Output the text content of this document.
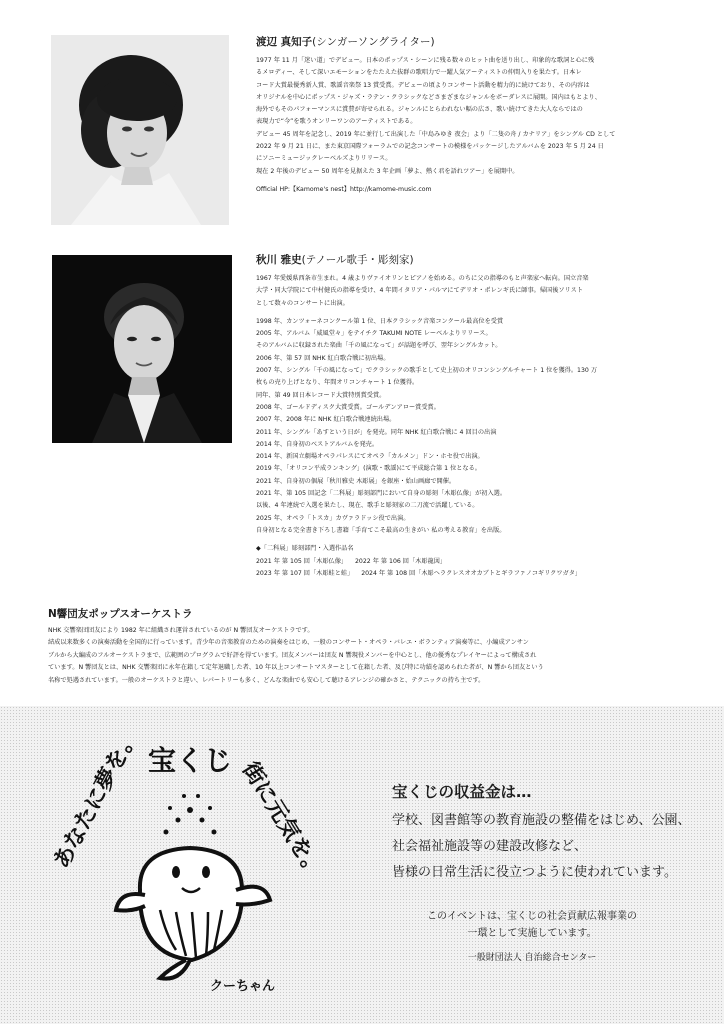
渡辺 真知子(シンガーソングライター)

1977 年 11 月「迷い道」でデビュー。日本のポップス・シーンに残る数々のヒット曲を送り出し、印象的な歌詞と心に残

るメロディー、そして深いエモーションをたたえた抜群の歌唱力で一躍人気アーティストの仲間入りを果たす。日本レ

コード大賞最優秀新人賞、歌謡音楽祭 13 賞受賞。デビューの頃よりコンサート活動を精力的に続けており、その内容は

オリジナルを中心にポップス・ジャズ・ラテン・クラシックなどさまざまなジャンルをボーダレスに展開。国内はもとより、

海外でもそのパフォーマンスに賞賛が寄せられる。ジャンルにとらわれない幅の広さ、歌い続けてきた大人ならではの

表現力で“今”を歌うオンリーワンのアーティストである。

デビュー 45 周年を記念し、2019 年に並行して出演した「中島みゆき 夜会」より「二隻の舟 / カナリア」をシングル CD として

2022 年 9 月 21 日に、また東京国際フォーラムでの記念コンサートの模様をパッケージしたアルバムを 2023 年 5 月 24 日

にソニーミュージックレーベルズよりリリース。

現在 2 年後のデビュー 50 周年を見据えた 3 年企画「夢よ、熱く君を語れツアー」を展開中。

Official HP:【Kamome's nest】http://kamome-music.com

秋川 雅史(テノール歌手・彫刻家)

1967 年愛媛県西条市生まれ。4 歳よりヴァイオリンとピアノを始める。のちに父の指導のもと声楽家へ転向。国立音楽

大学・同大学院にて中村健氏の指導を受け、4 年間イタリア・パルマにてデリオ・ポレンギ氏に師事。帰国後ソリスト

として数々のコンサートに出演。

1998 年、カンツォーネコンクール第 1 位、日本クラシック音楽コンクール最高位を受賞

2005 年、アルバム「威風堂々」をテイチク TAKUMI NOTE レーベルよりリリース。

そのアルバムに収録された楽曲「千の風になって」が話題を呼び、翌年シングルカット。

2006 年、第 57 回 NHK 紅白歌合戦に初出場。

2007 年、シングル「千の風になって」でクラシックの歌手として史上初のオリコンシングルチャート 1 位を獲得。130 万

枚もの売り上げとなり、年間オリコンチャート 1 位獲得。

同年、第 49 回日本レコード大賞特別賞受賞。

2008 年、ゴールドディスク大賞受賞。ゴールデンアロー賞受賞。

2007 年、2008 年に NHK 紅白歌合戦連続出場。

2011 年、シングル「あすという日が」を発売。同年 NHK 紅白歌合戦に 4 回目の出演

2014 年、自身初のベストアルバムを発売。

2014 年、新国立劇場オペラパレスにてオペラ「カルメン」ドン・ホセ役で出演。

2019 年、「オリコン平成ランキング」(演歌・歌謡)にて平成総合第 1 位となる。

2021 年、自身初の個展「秋川雅史 木彫展」を銀座・始山画廊で開催。

2021 年、第 105 回記念「二科展」彫刻部門において自身の彫刻「木彫仏像」が初入選。

以後、4 年連続で入選を果たし、現在、歌手と彫刻家の二刀流で活躍している。

2025 年、オペラ「トスカ」カヴァラドッシ役で出演。

自身初となる完全書き下ろし書籍「手育てこそ最高の生きがい 私の考える教育」を出版。

◆「二科展」彫刻部門・入選作品名

2021 年 第 105 回「木彫仏像」 2022 年 第 106 回「木彫龍図」

2023 年 第 107 回「木彫蛙と蛙」 2024 年 第 108 回「木彫ヘラクレスオオカブトとギラファノコギリクワガタ」

N響団友ポップスオーケストラ

NHK 交響楽団団友により 1982 年に組織され運営されているのが N 響団友オーケストラです。

結成以来数多くの演奏活動を全国的に行っています。青少年の音楽教育のための演奏をはじめ、一般のコンサート・オペラ・バレエ・ボランティア演奏等に、小編成アンサン

ブルから大編成のフルオーケストラまで、広範囲のプログラムで好評を得ています。団友メンバーは団友 N 響現役メンバーを中心とし、他の優秀なプレイヤーによって構成され

ています。N 響団友とは、NHK 交響楽団に永年在籍して定年退職した者、10 年以上コンサートマスターとして在籍した者、及び特に功績を認められた者が、N 響から団友という

名称で処遇されています。一般のオーケストラと違い、レパートリーも多く、どんな楽曲でも安心して聴けるアレンジの確かさと、テクニックの持ち主です。

あなたに夢を。 宝くじ 街に元気を。
クーちゃん
宝くじの収益金は…
学校、図書館等の教育施設の整備をはじめ、公園、
社会福祉施設等の建設改修など、
皆様の日常生活に役立つように使われています。
このイベントは、宝くじの社会貢献広報事業の
一環として実施しています。
一般財団法人 自治総合センター
